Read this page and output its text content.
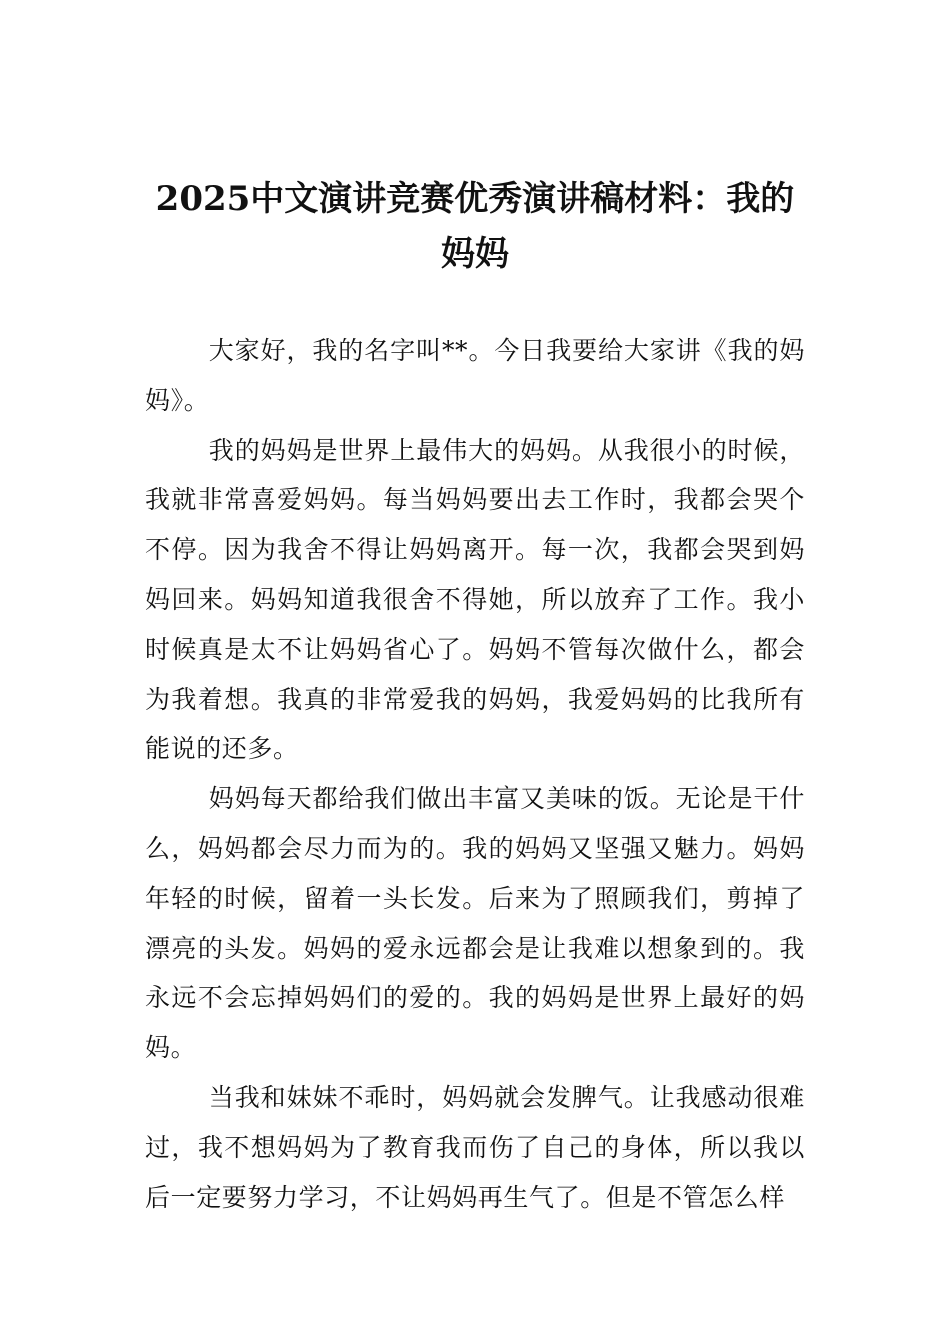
2025中文演讲竞赛优秀演讲稿材料：我的妈妈

大家好，我的名字叫**。今日我要给大家讲《我的妈妈》。

我的妈妈是世界上最伟大的妈妈。从我很小的时候，我就非常喜爱妈妈。每当妈妈要出去工作时，我都会哭个不停。因为我舍不得让妈妈离开。每一次，我都会哭到妈妈回来。妈妈知道我很舍不得她，所以放弃了工作。我小时候真是太不让妈妈省心了。妈妈不管每次做什么，都会为我着想。我真的非常爱我的妈妈，我爱妈妈的比我所有能说的还多。

妈妈每天都给我们做出丰富又美味的饭。无论是干什么，妈妈都会尽力而为的。我的妈妈又坚强又魅力。妈妈年轻的时候，留着一头长发。后来为了照顾我们，剪掉了漂亮的头发。妈妈的爱永远都会是让我难以想象到的。我永远不会忘掉妈妈们的爱的。我的妈妈是世界上最好的妈妈。

当我和妹妹不乖时，妈妈就会发脾气。让我感动很难过，我不想妈妈为了教育我而伤了自己的身体，所以我以后一定要努力学习，不让妈妈再生气了。但是不管怎么样
